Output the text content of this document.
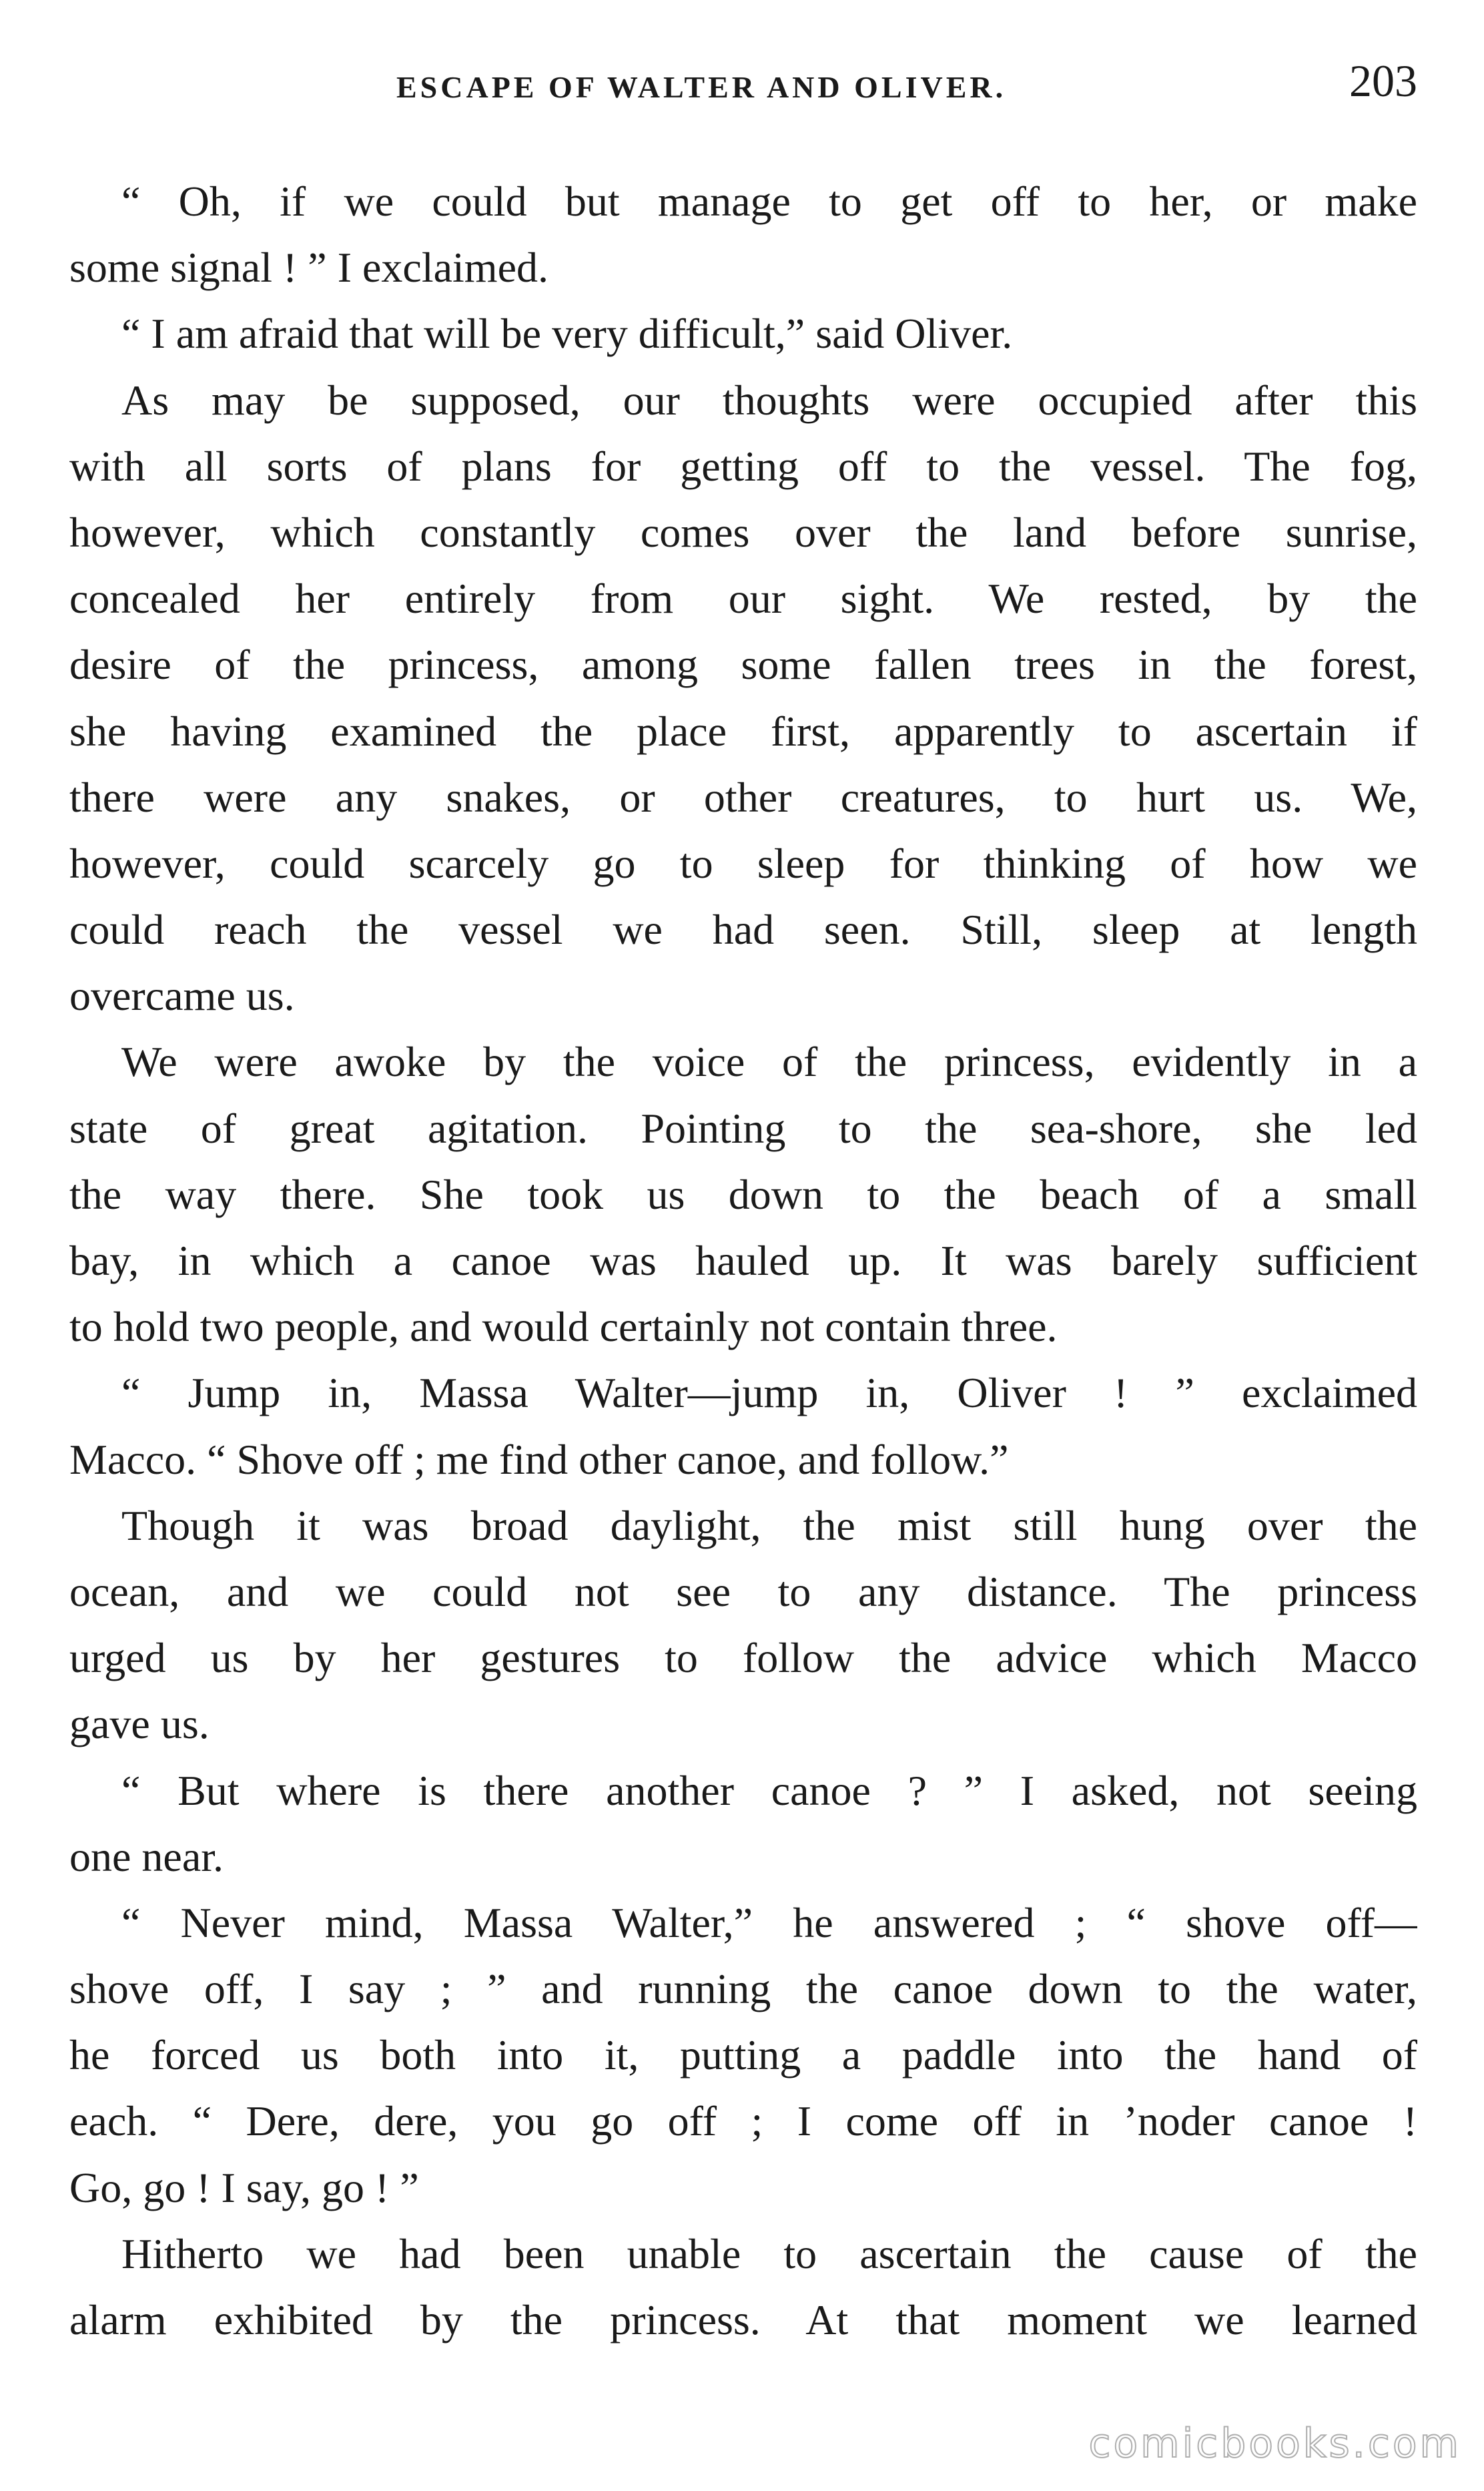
ESCAPE OF WALTER AND OLIVER.	203
“ Oh, if we could but manage to get off to her, or make
some signal ! ” I exclaimed.
“ I am afraid that will be very difficult,” said Oliver.
As may be supposed, our thoughts were occupied after this
with all sorts of plans for getting off to the vessel. The fog,
however, which constantly comes over the land before sunrise,
concealed her entirely from our sight. We rested, by the
desire of the princess, among some fallen trees in the forest,
she having examined the place first, apparently to ascertain if
there were any snakes, or other creatures, to hurt us. We,
however, could scarcely go to sleep for thinking of how we
could reach the vessel we had seen. Still, sleep at length
overcame us.
We were awoke by the voice of the princess, evidently in a
state of great agitation. Pointing to the sea-shore, she led
the way there. She took us down to the beach of a small
bay, in which a canoe was hauled up. It was barely sufficient
to hold two people, and would certainly not contain three.
“ Jump in, Massa Walter—jump in, Oliver ! ” exclaimed
Macco. “ Shove off ; me find other canoe, and follow.”
Though it was broad daylight, the mist still hung over the
ocean, and we could not see to any distance. The princess
urged us by her gestures to follow the advice which Macco
gave us.
“ But where is there another canoe ? ” I asked, not seeing
one near.
“ Never mind, Massa Walter,” he answered ; “ shove off—
shove off, I say ; ” and running the canoe down to the water,
he forced us both into it, putting a paddle into the hand of
each. “ Dere, dere, you go off ; I come off in ’noder canoe !
Go, go ! I say, go ! ”
Hitherto we had been unable to ascertain the cause of the
alarm exhibited by the princess. At that moment we learned
comicbooks.com
